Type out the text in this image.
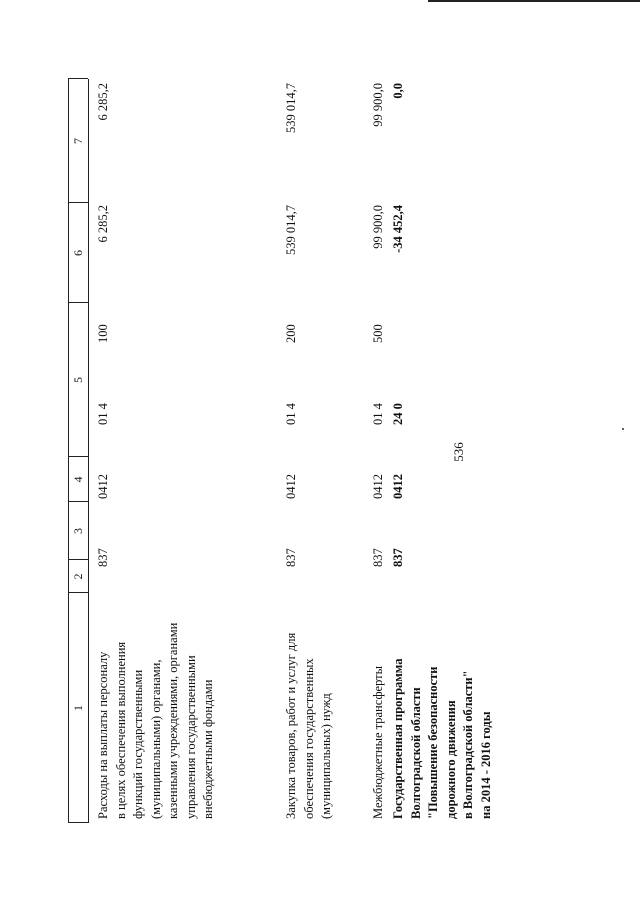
536
1
2
3
4
5
6
7
Расходы на выплаты персоналу в целях обеспечения выполнения функций государственными (муниципальными) органами, казенными учреждениями, органами управления государственными внебюджетными фондами
837
0412
01 4
100
6 285,2
6 285,2
Закупка товаров, работ и услуг для обеспечения государственных (муниципальных) нужд
837
0412
01 4
200
539 014,7
539 014,7
Межбюджетные трансферты
837
0412
01 4
500
99 900,0
99 900,0
Государственная программа Волгоградской области "Повышение безопасности дорожного движения в Волгоградской области" на 2014 - 2016 годы
837
0412
24 0
-34 452,4
0,0
